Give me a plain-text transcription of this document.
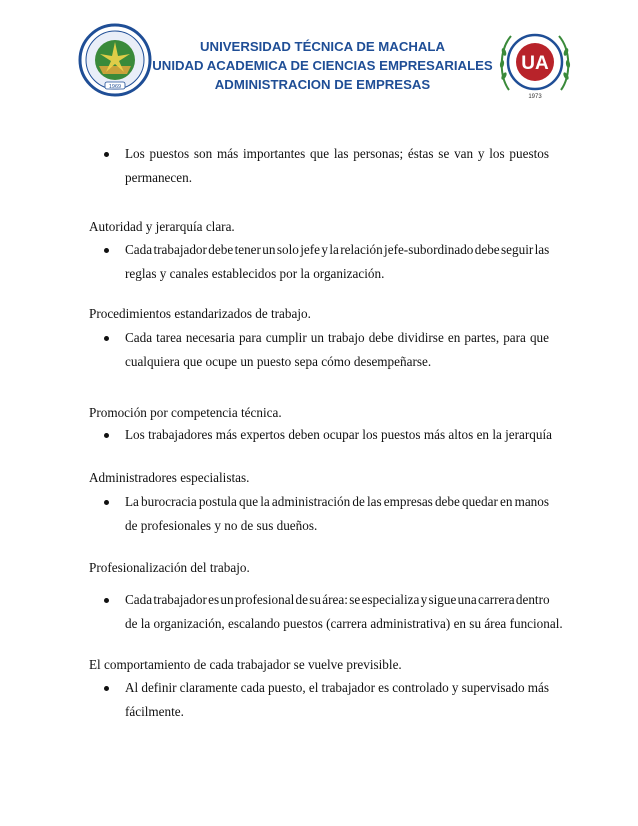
1969
UNIVERSIDAD TÉCNICA DE MACHALA
UNIDAD ACADEMICA DE CIENCIAS EMPRESARIALES
ADMINISTRACION DE EMPRESAS
UA
1973
Los puestos son más importantes que las personas; éstas se van y los puestos
permanecen.
Autoridad y jerarquía clara.
Cada trabajador debe tener un solo jefe y la relación jefe-subordinado debe seguir las
reglas y canales establecidos por la organización.
Procedimientos estandarizados de trabajo.
Cada tarea necesaria para cumplir un trabajo debe dividirse en partes, para que
cualquiera que ocupe un puesto sepa cómo desempeñarse.
Promoción por competencia técnica.
Los trabajadores más expertos deben ocupar los puestos más altos en la jerarquía
Administradores especialistas.
La burocracia postula que la administración de las empresas debe quedar en manos
de profesionales y no de sus dueños.
Profesionalización del trabajo.
Cada trabajador es un profesional de su área: se especializa y sigue una carrera dentro
de la organización, escalando puestos (carrera administrativa) en su área funcional.
El comportamiento de cada trabajador se vuelve previsible.
Al definir claramente cada puesto, el trabajador es controlado y supervisado más
fácilmente.
